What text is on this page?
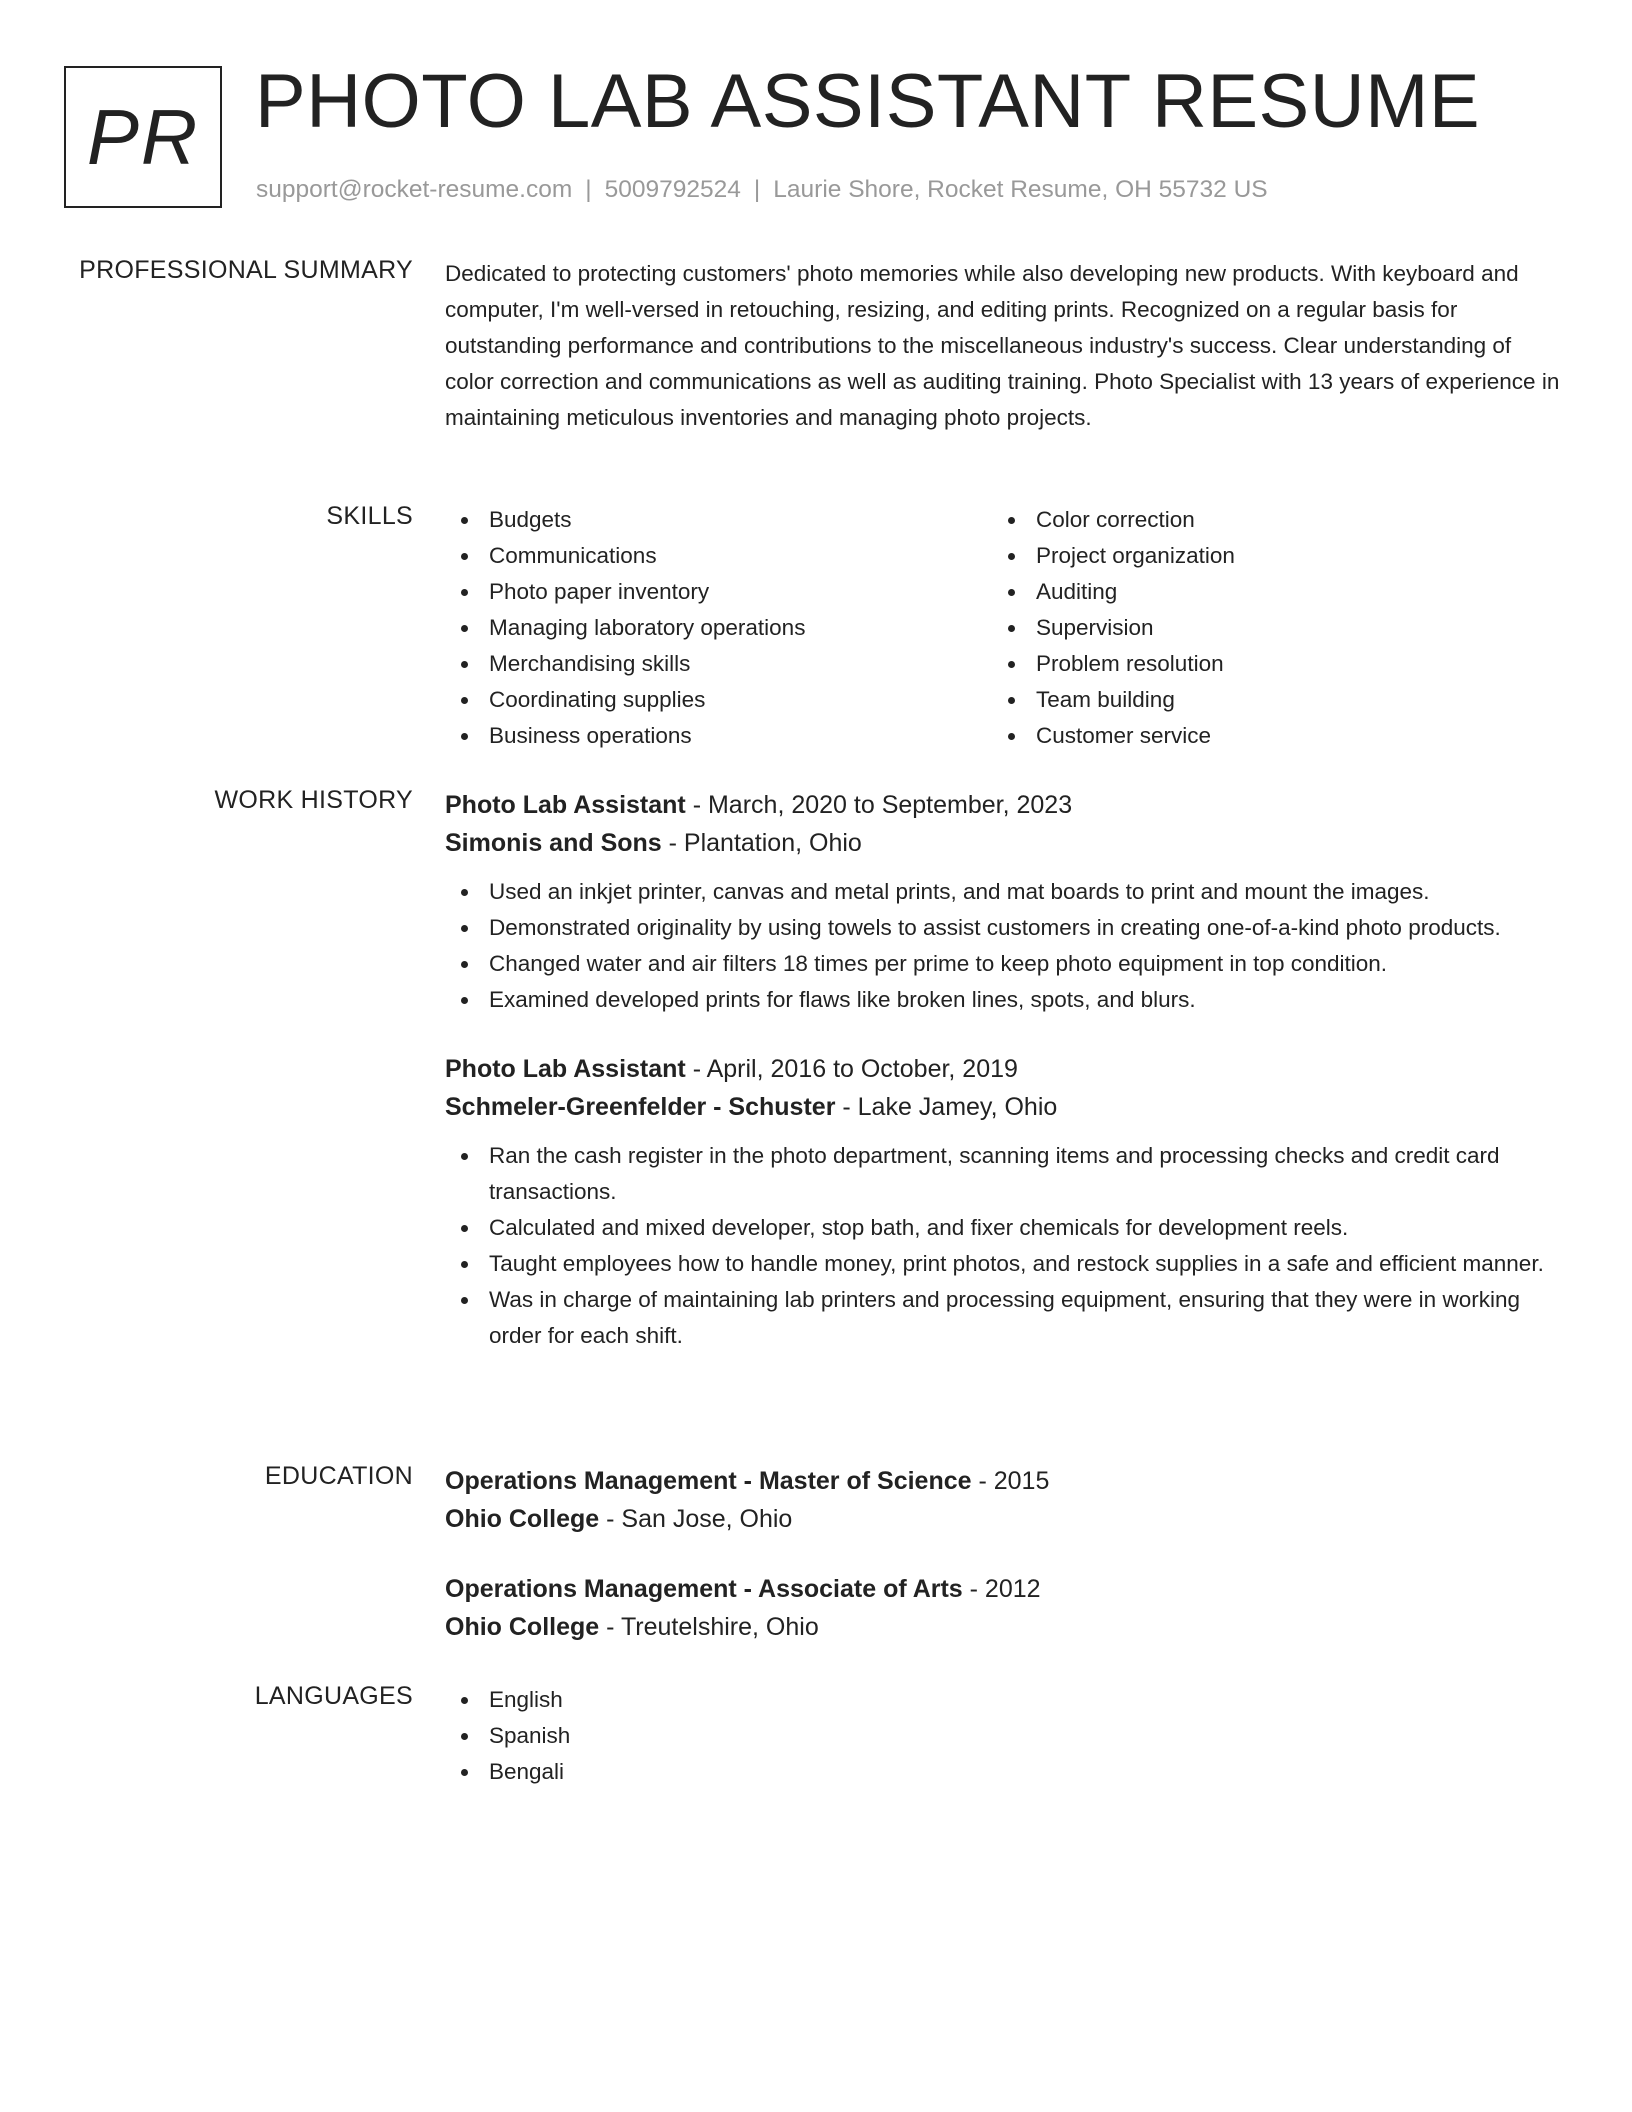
PR PHOTO LAB ASSISTANT RESUME
support@rocket-resume.com | 5009792524 | Laurie Shore, Rocket Resume, OH 55732 US
PROFESSIONAL SUMMARY Dedicated to protecting customers' photo memories while also developing new products. With keyboard and computer, I'm well-versed in retouching, resizing, and editing prints. Recognized on a regular basis for outstanding performance and contributions to the miscellaneous industry's success. Clear understanding of color correction and communications as well as auditing training. Photo Specialist with 13 years of experience in maintaining meticulous inventories and managing photo projects.

SKILLS	Budgets
Communications
Photo paper inventory
Managing laboratory operations
Merchandising skills
Coordinating supplies
Business operations
Color correction
Project organization
Auditing
Supervision
Problem resolution
Team building
Customer service
WORK HISTORY Photo Lab Assistant - March, 2020 to September, 2023
Simonis and Sons - Plantation, Ohio
Used an inkjet printer, canvas and metal prints, and mat boards to print and mount the images.
Demonstrated originality by using towels to assist customers in creating one-of-a-kind photo products.
Changed water and air filters 18 times per prime to keep photo equipment in top condition.
Examined developed prints for flaws like broken lines, spots, and blurs.
Photo Lab Assistant - April, 2016 to October, 2019
Schmeler-Greenfelder - Schuster - Lake Jamey, Ohio
Ran the cash register in the photo department, scanning items and processing checks and credit card transactions.
Calculated and mixed developer, stop bath, and fixer chemicals for development reels.
Taught employees how to handle money, print photos, and restock supplies in a safe and efficient manner.
Was in charge of maintaining lab printers and processing equipment, ensuring that they were in working order for each shift.
EDUCATION Operations Management - Master of Science - 2015
Ohio College - San Jose, Ohio
Operations Management - Associate of Arts - 2012
Ohio College - Treutelshire, Ohio
LANGUAGES	English
Spanish
Bengali
